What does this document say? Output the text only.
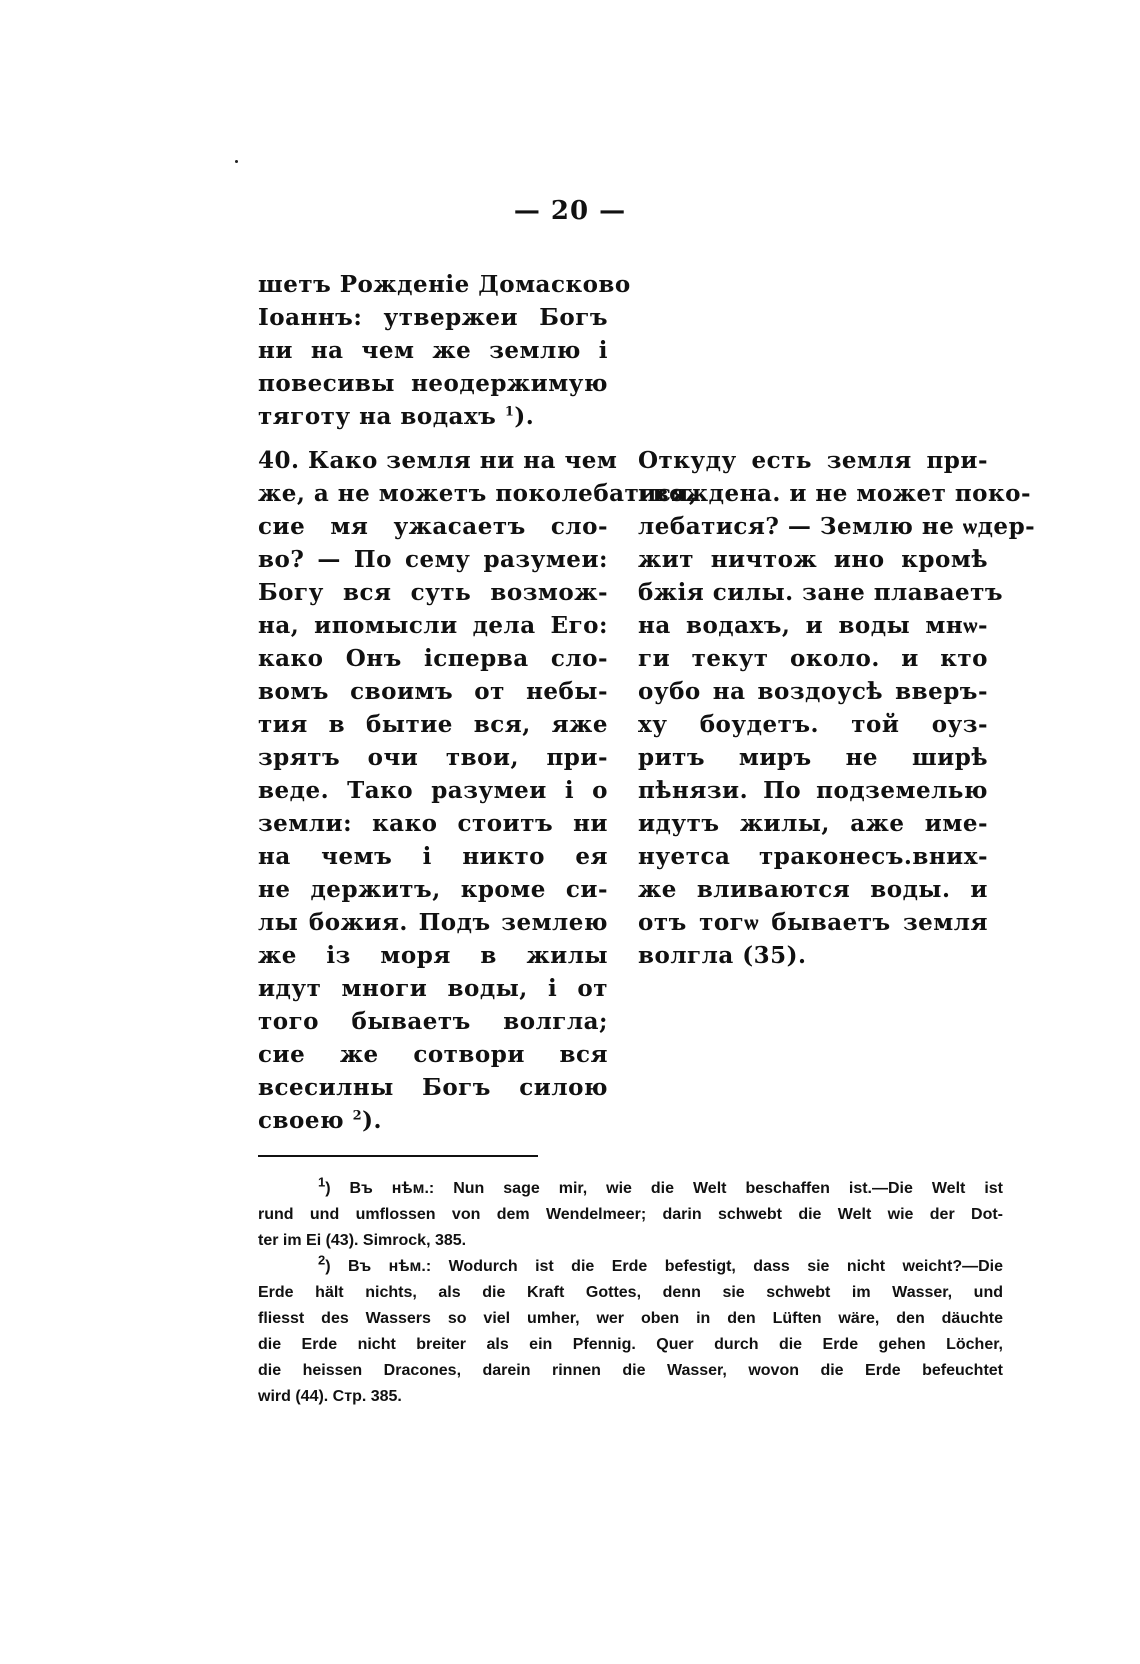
— 20 —
шетъ Рожденiе Домасково
Iоаннъ: утвержеи Богъ
ни на чем же землю i
повесивы неодержимую
тяготу на водахъ $^1$).
40. Како земля ни на чем
же, а не можетъ поколебатися,
сие мя ужасаетъ сло-
во? — По сему разумеи:
Богу вся суть возмож-
на, ипомысли дела Его:
како Онъ iсперва сло-
вомъ своимъ от небы-
тия в бытие вся, яже
зрятъ очи твои, при-
веде. Тако разумеи i о
земли: како стоитъ ни
на чемъ i никто ея
не держитъ, кроме си-
лы божия. Подъ землею
же iз моря в жилы
идут многи воды, i от
того бываетъ волгла;
сие же сотвори вся
всесилны Богъ силою
своею $^2$).
Откуду есть земля при-
гвождена. и не может поко-
лебатися? — Землю не ѡдер-
жит ничтож ино кромѣ
бжiя силы. зане плаваетъ
на водахъ, и воды мнѡ-
ги текут около. и кто
оубо на воздоусѣ вверъ-
ху боудетъ. той оуз-
ритъ миръ не ширѣ
пѣнязи. По подземелью
идутъ жилы, аже име-
нуетса траконесъ.вних-
же вливаются воды. и
отъ тогѡ бываетъ земля
волгла (35).
$^1$) Въ нѣм.: Nun sage mir, wie die Welt beschaffen ist.—Die Welt ist
rund und umflossen von dem Wendelmeer; darin schwebt die Welt wie der Dot-
ter im Ei (43). Simrock, 385.
$^2$) Въ нѣм.: Wodurch ist die Erde befestigt, dass sie nicht weicht?—Die
Erde hält nichts, als die Kraft Gottes, denn sie schwebt im Wasser, und
fliesst des Wassers so viel umher, wer oben in den Lüften wäre, den däuchte
die Erde nicht breiter als ein Pfennig. Quer durch die Erde gehen Löcher,
die heissen Dracones, darein rinnen die Wasser, wovon die Erde befeuchtet
wird (44). Стр. 385.
